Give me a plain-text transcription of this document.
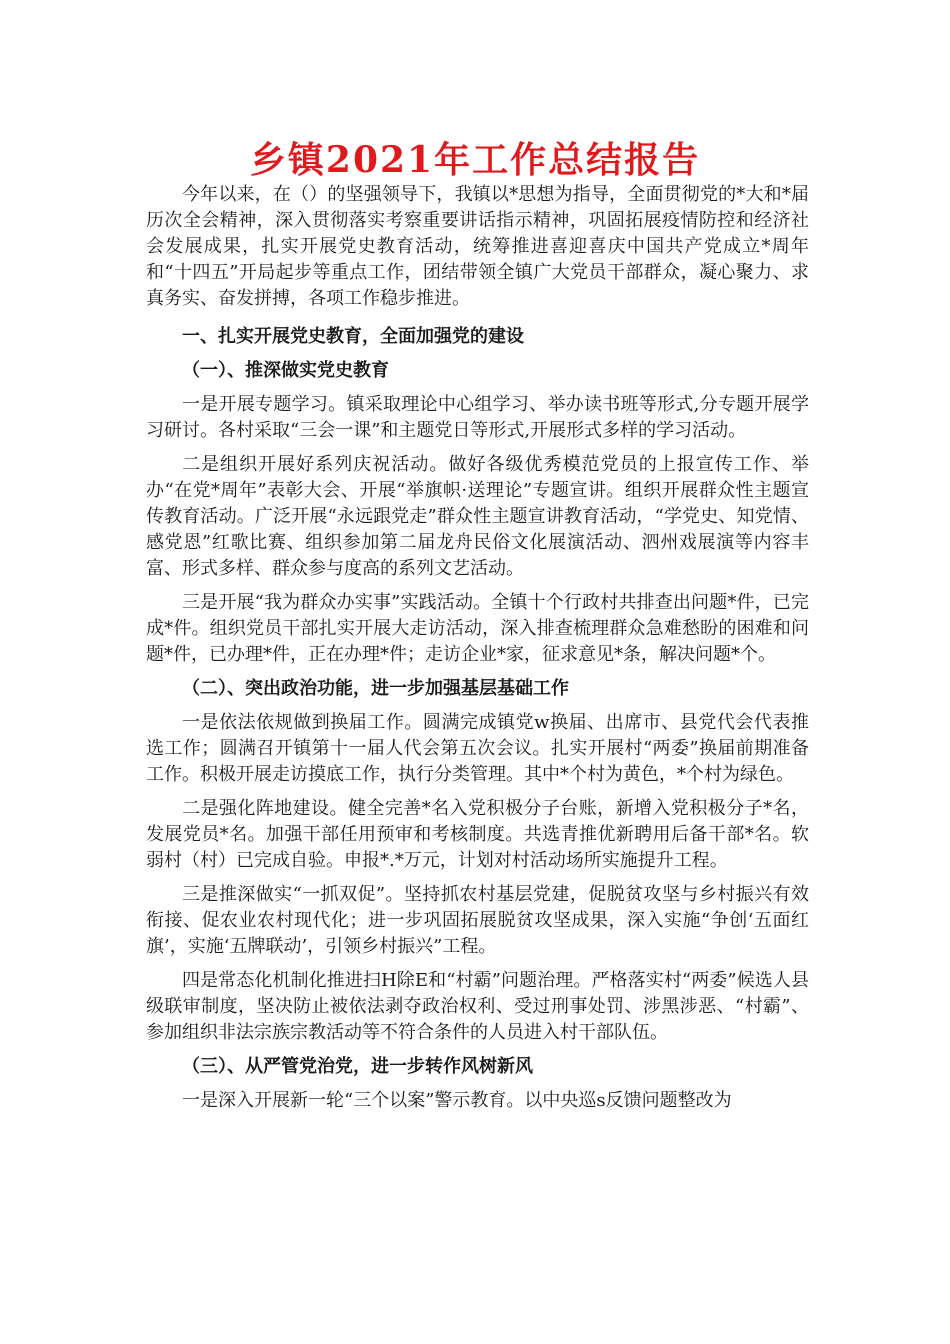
乡镇2021年工作总结报告

今年以来，在（）的坚强领导下，我镇以*思想为指导，全面贯彻党的*大和*届历次全会精神，深入贯彻落实考察重要讲话指示精神，巩固拓展疫情防控和经济社会发展成果，扎实开展党史教育活动，统筹推进喜迎喜庆中国共产党成立*周年和“十四五”开局起步等重点工作，团结带领全镇广大党员干部群众，凝心聚力、求真务实、奋发拼搏，各项工作稳步推进。

一、扎实开展党史教育，全面加强党的建设

（一）、推深做实党史教育

一是开展专题学习。镇采取理论中心组学习、举办读书班等形式,分专题开展学习研讨。各村采取“三会一课”和主题党日等形式,开展形式多样的学习活动。

二是组织开展好系列庆祝活动。做好各级优秀模范党员的上报宣传工作、举办“在党*周年”表彰大会、开展“举旗帜·送理论”专题宣讲。组织开展群众性主题宣传教育活动。广泛开展“永远跟党走”群众性主题宣讲教育活动，“学党史、知党情、感党恩”红歌比赛、组织参加第二届龙舟民俗文化展演活动、泗州戏展演等内容丰富、形式多样、群众参与度高的系列文艺活动。

三是开展“我为群众办实事”实践活动。全镇十个行政村共排查出问题*件，已完成*件。组织党员干部扎实开展大走访活动，深入排查梳理群众急难愁盼的困难和问题*件，已办理*件，正在办理*件；走访企业*家，征求意见*条，解决问题*个。

（二）、突出政治功能，进一步加强基层基础工作

一是依法依规做到换届工作。圆满完成镇党w换届、出席市、县党代会代表推选工作；圆满召开镇第十一届人代会第五次会议。扎实开展村“两委”换届前期准备工作。积极开展走访摸底工作，执行分类管理。其中*个村为黄色，*个村为绿色。

二是强化阵地建设。健全完善*名入党积极分子台账，新增入党积极分子*名，发展党员*名。加强干部任用预审和考核制度。共选青推优新聘用后备干部*名。软弱村（村）已完成自验。申报*.*万元，计划对村活动场所实施提升工程。

三是推深做实“一抓双促”。坚持抓农村基层党建，促脱贫攻坚与乡村振兴有效衔接、促农业农村现代化；进一步巩固拓展脱贫攻坚成果，深入实施“争创‘五面红旗’，实施‘五牌联动’，引领乡村振兴”工程。

四是常态化机制化推进扫H除E和“村霸”问题治理。严格落实村“两委”候选人县级联审制度，坚决防止被依法剥夺政治权利、受过刑事处罚、涉黑涉恶、“村霸”、参加组织非法宗族宗教活动等不符合条件的人员进入村干部队伍。

（三）、从严管党治党，进一步转作风树新风

一是深入开展新一轮“三个以案”警示教育。以中央巡s反馈问题整改为
